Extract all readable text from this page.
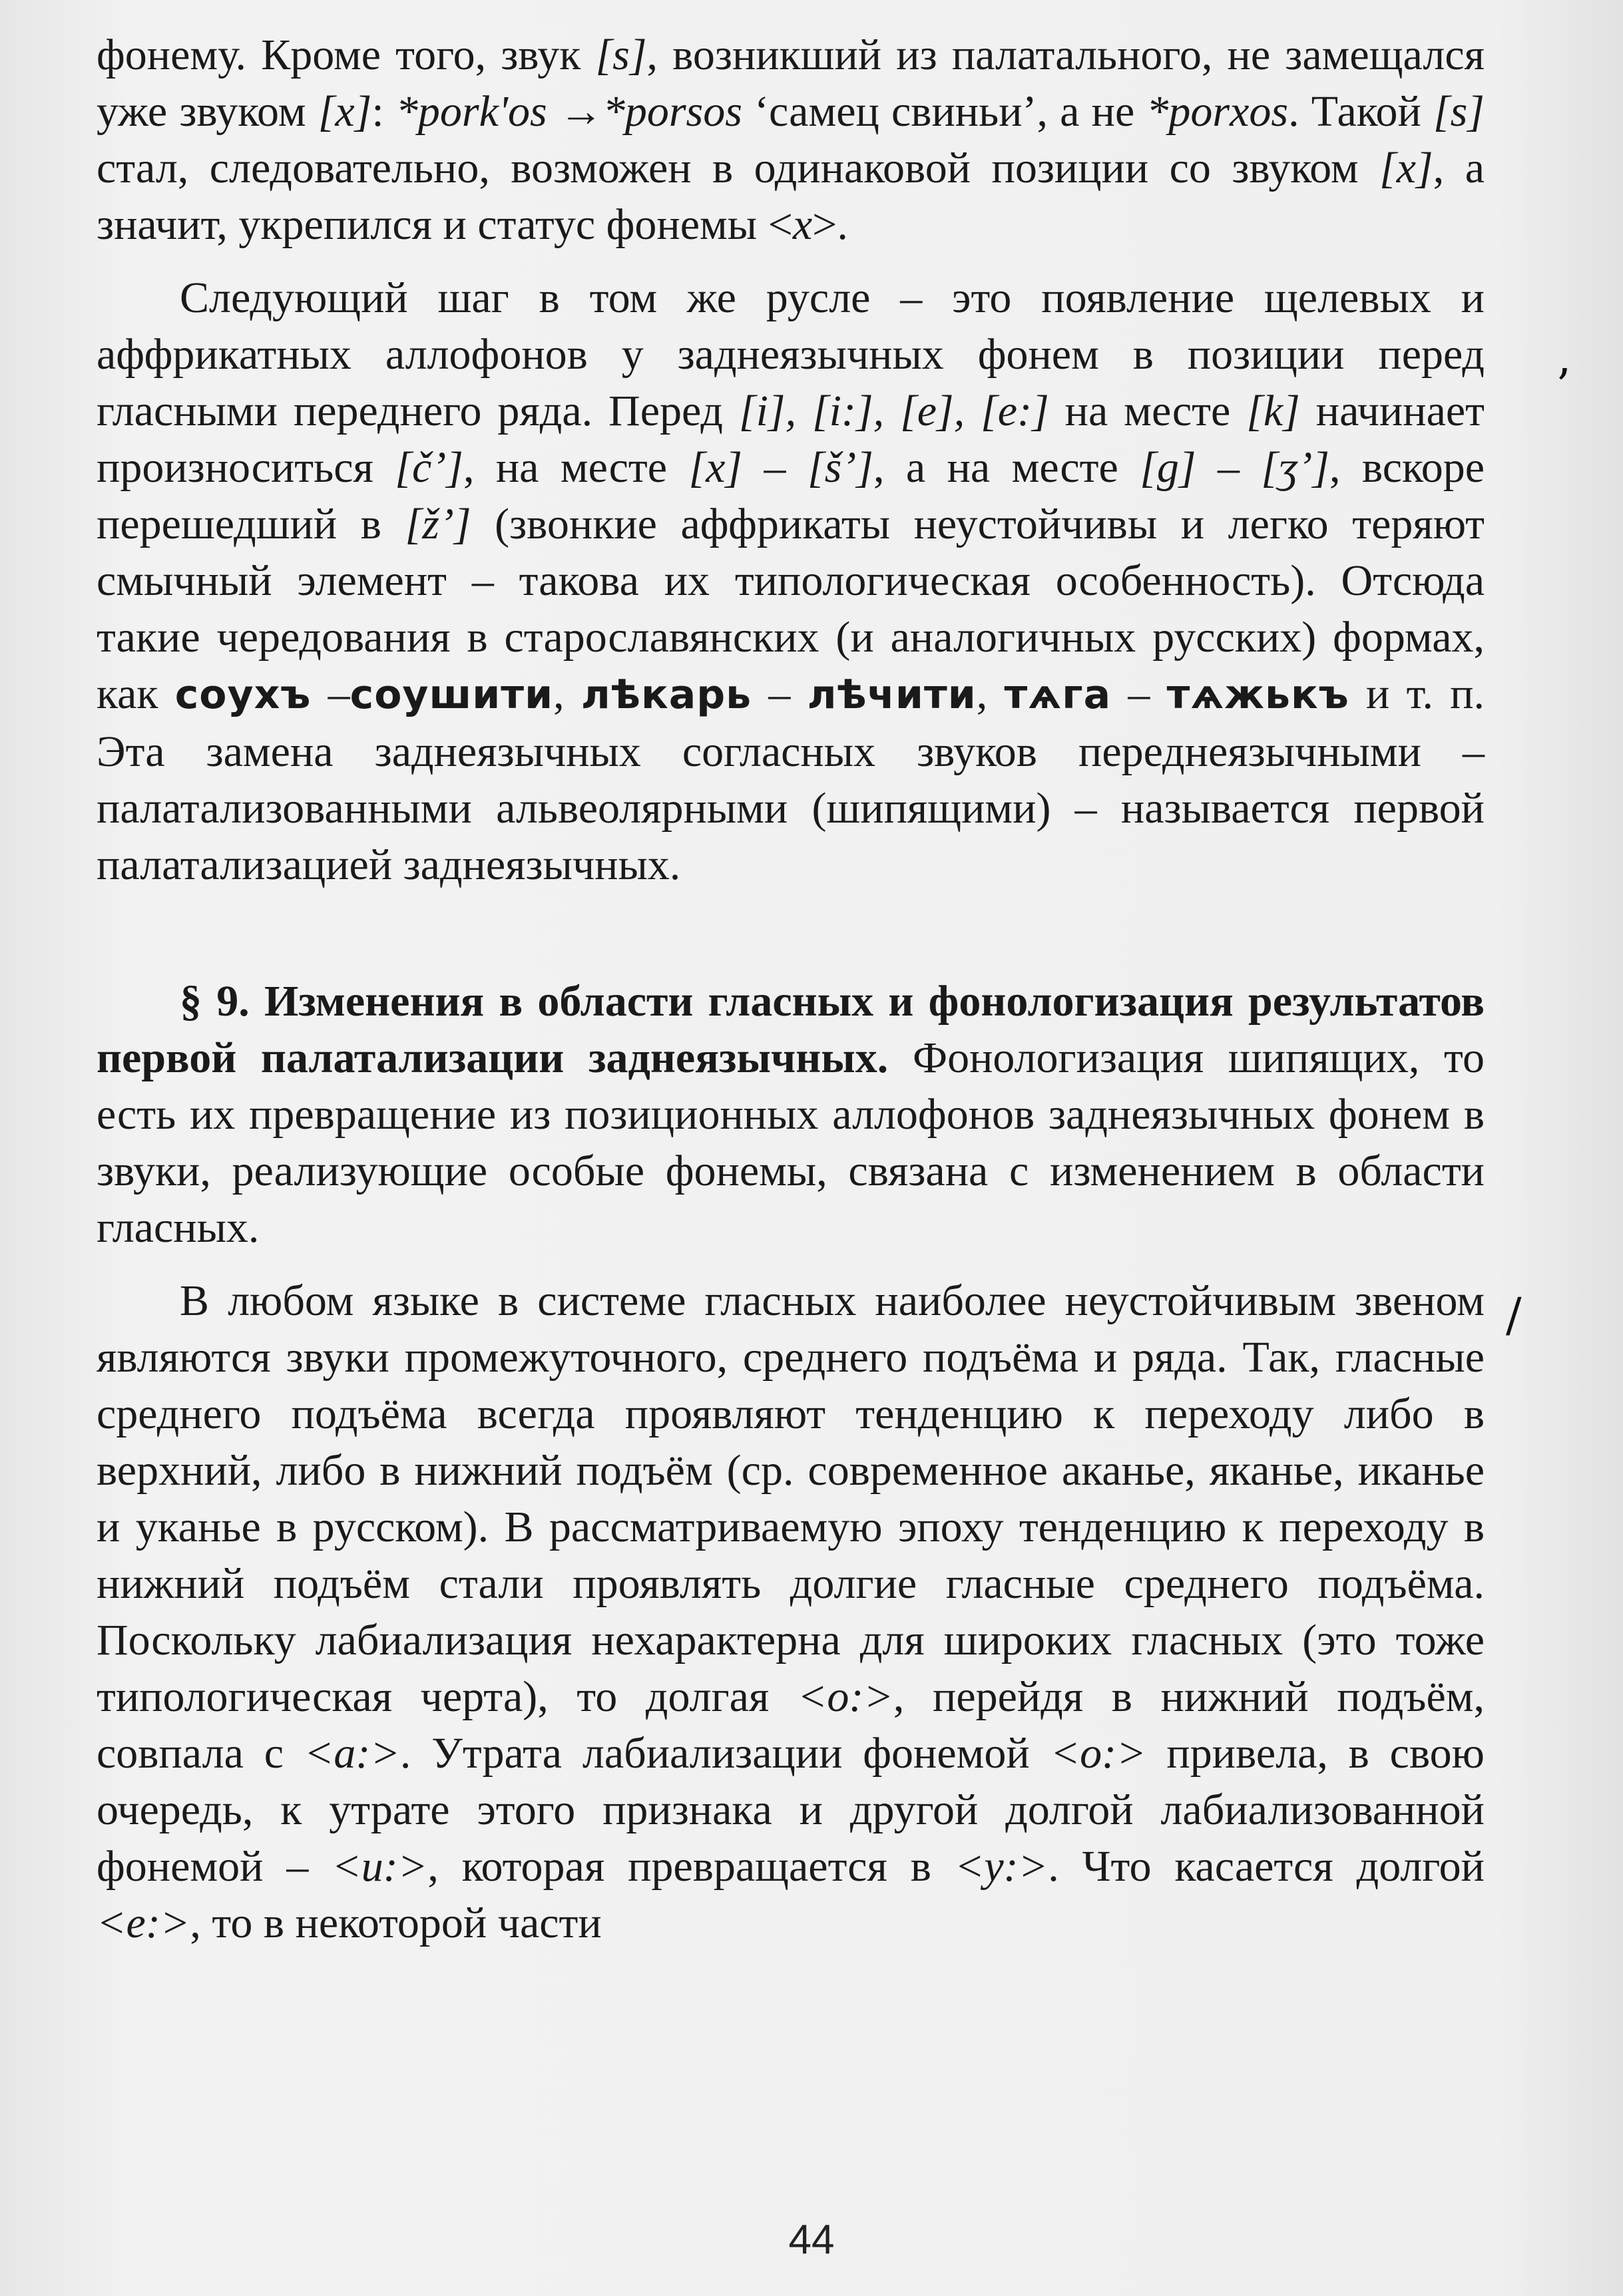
фонему. Кроме того, звук [s], возникший из палатального, не замещался уже звуком [x]: *porkʹos →*porsos ‘самец свиньи’, а не *porxos. Такой [s] стал, следовательно, возможен в одинаковой позиции со звуком [x], а значит, укрепился и статус фонемы <x>.

Следующий шаг в том же русле – это появление щелевых и аффрикатных аллофонов у заднеязычных фонем в позиции перед гласными переднего ряда. Перед [i], [i:], [e], [e:] на месте [k] начинает произноситься [č’], на месте [x] – [š’], а на месте [g] – [ʒ’], вскоре перешедший в [ž’] (звонкие аффрикаты неустойчивы и легко теряют смычный элемент – такова их типологическая особенность). Отсюда такие чередования в старославянских (и аналогичных русских) формах, как соухъ –соушити, лѣкарь – лѣчити, тѧга – тѧжькъ и т. п. Эта замена заднеязычных согласных звуков переднеязычными – палатализованными альвеолярными (шипящими) – называется первой палатализацией заднеязычных.

§ 9. Изменения в области гласных и фонологизация результатов первой палатализации заднеязычных. Фонологизация шипящих, то есть их превращение из позиционных аллофонов заднеязычных фонем в звуки, реализующие особые фонемы, связана с изменением в области гласных.

В любом языке в системе гласных наиболее неустойчивым звеном являются звуки промежуточного, среднего подъёма и ряда. Так, гласные среднего подъёма всегда проявляют тенденцию к переходу либо в верхний, либо в нижний подъём (ср. современное аканье, яканье, иканье и уканье в русском). В рассматриваемую эпоху тенденцию к переходу в нижний подъём стали проявлять долгие гласные среднего подъёма. Поскольку лабиализация нехарактерна для широких гласных (это тоже типологическая черта), то долгая <o:>, перейдя в нижний подъём, совпала с <a:>. Утрата лабиализации фонемой <o:> привела, в свою очередь, к утрате этого признака и другой долгой лабиализованной фонемой – <u:>, которая превращается в <y:>. Что касается долгой <e:>, то в некоторой части

ʼ
/
44
